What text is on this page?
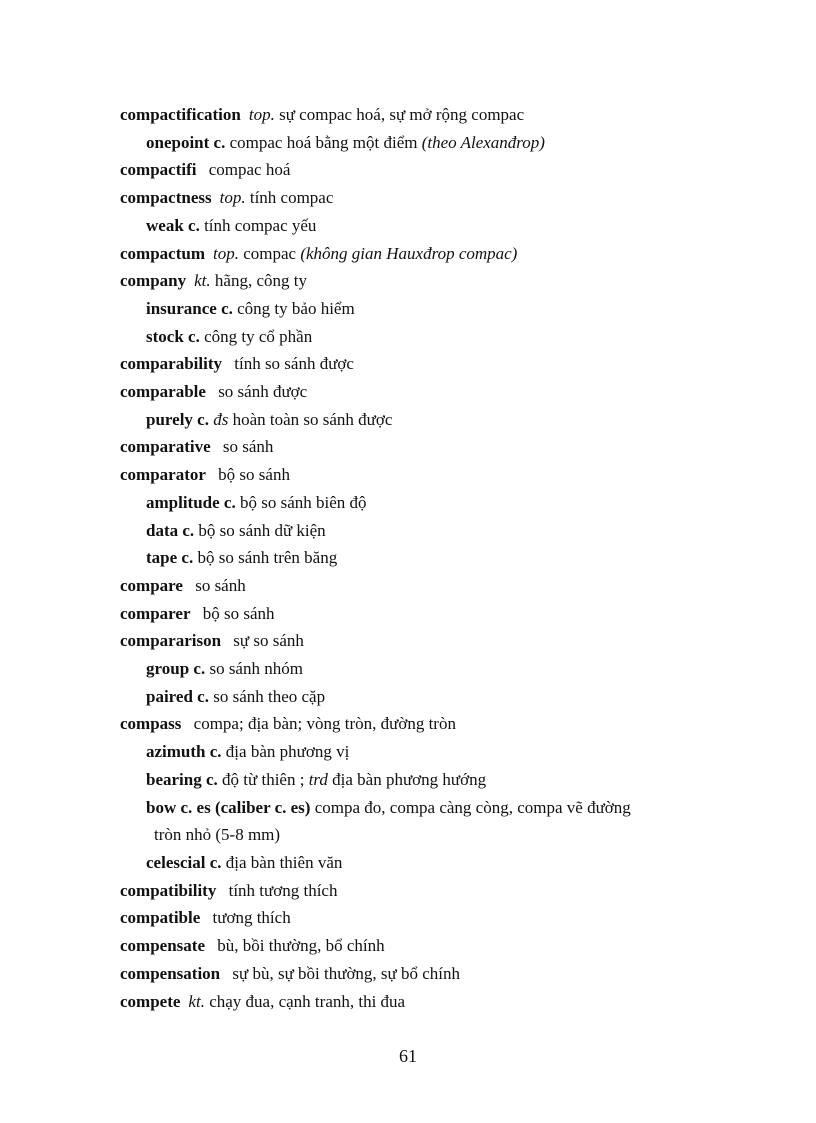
compactification top. sự compac hoá, sự mở rộng compac
onepoint c. compac hoá bằng một điểm (theo Alexanđrop)
compactifi compac hoá
compactness top. tính compac
weak c. tính compac yếu
compactum top. compac (không gian Hauxđrop compac)
company kt. hãng, công ty
insurance c. công ty bảo hiểm
stock c. công ty cổ phần
comparability tính so sánh được
comparable so sánh được
purely c. đs hoàn toàn so sánh được
comparative so sánh
comparator bộ so sánh
amplitude c. bộ so sánh biên độ
data c. bộ so sánh dữ kiện
tape c. bộ so sánh trên băng
compare so sánh
comparer bộ so sánh
compararison sự so sánh
group c. so sánh nhóm
paired c. so sánh theo cặp
compass compa; địa bàn; vòng tròn, đường tròn
azimuth c. địa bàn phương vị
bearing c. độ từ thiên ; trd địa bàn phương hướng
bow c. es (caliber c. es) compa đo, compa càng còng, compa vẽ đường
tròn nhỏ (5-8 mm)
celescial c. địa bàn thiên văn
compatibility tính tương thích
compatible tương thích
compensate bù, bồi thường, bổ chính
compensation sự bù, sự bồi thường, sự bổ chính
compete kt. chạy đua, cạnh tranh, thi đua
61
